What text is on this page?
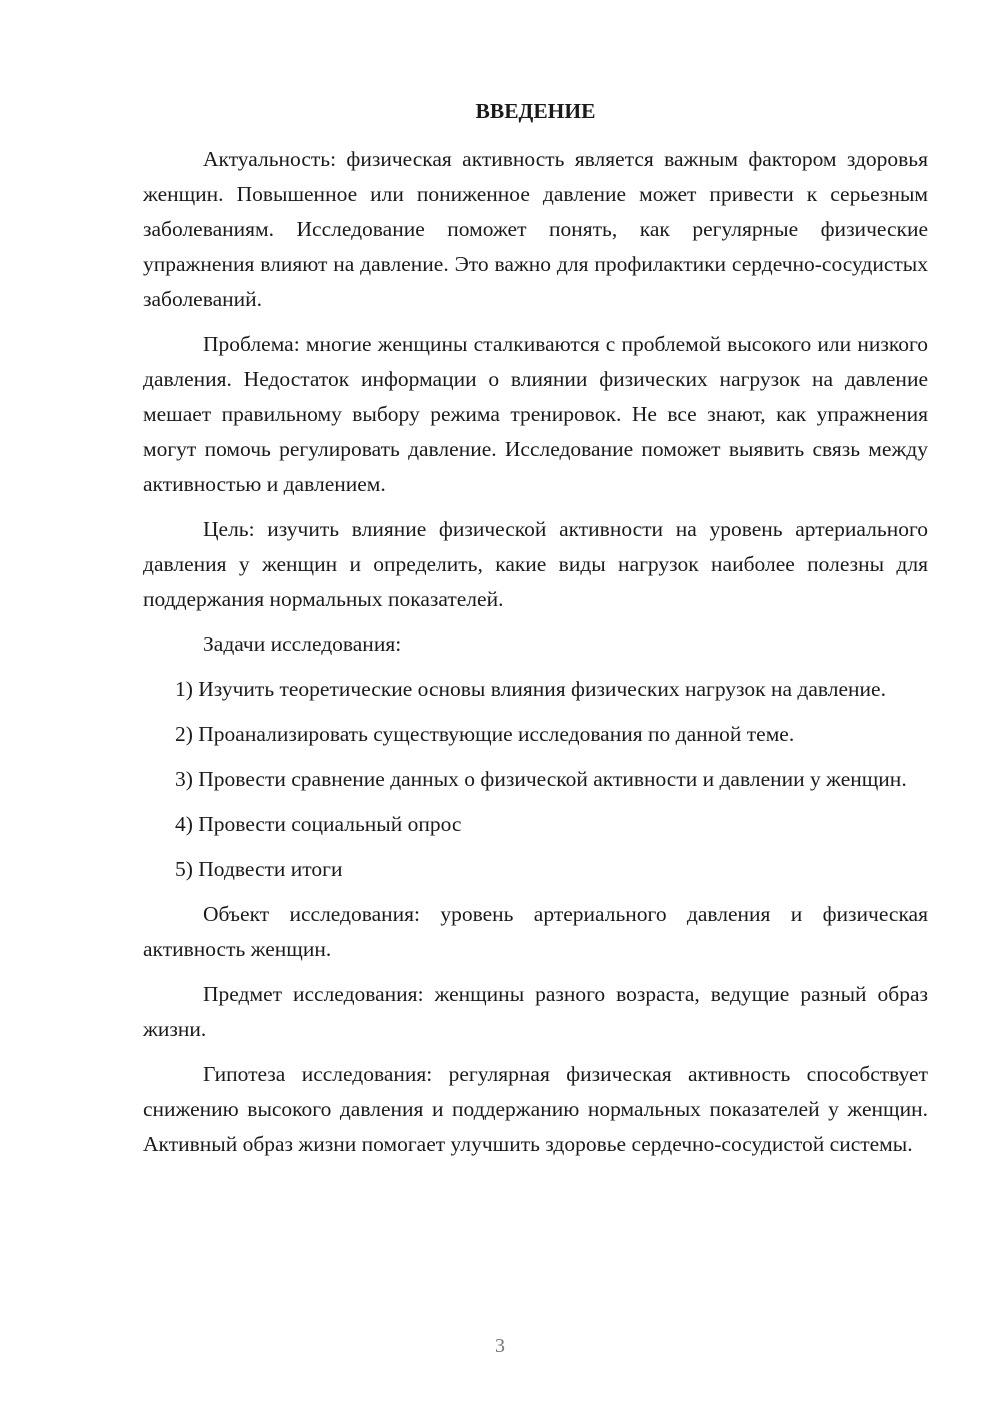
ВВЕДЕНИЕ

Актуальность: физическая активность является важным фактором здоровья женщин. Повышенное или пониженное давление может привести к серьезным заболеваниям. Исследование поможет понять, как регулярные физические упражнения влияют на давление. Это важно для профилактики сердечно-сосудистых заболеваний.

Проблема: многие женщины сталкиваются с проблемой высокого или низкого давления. Недостаток информации о влиянии физических нагрузок на давление мешает правильному выбору режима тренировок. Не все знают, как упражнения могут помочь регулировать давление. Исследование поможет выявить связь между активностью и давлением.

Цель: изучить влияние физической активности на уровень артериального давления у женщин и определить, какие виды нагрузок наиболее полезны для поддержания нормальных показателей.

Задачи исследования:

1) Изучить теоретические основы влияния физических нагрузок на давление.

2) Проанализировать существующие исследования по данной теме.

3) Провести сравнение данных о физической активности и давлении у женщин.

4) Провести социальный опрос

5) Подвести итоги

Объект исследования: уровень артериального давления и физическая активность женщин.

Предмет исследования: женщины разного возраста, ведущие разный образ жизни.

Гипотеза исследования: регулярная физическая активность способствует снижению высокого давления и поддержанию нормальных показателей у женщин. Активный образ жизни помогает улучшить здоровье сердечно-сосудистой системы.

3
